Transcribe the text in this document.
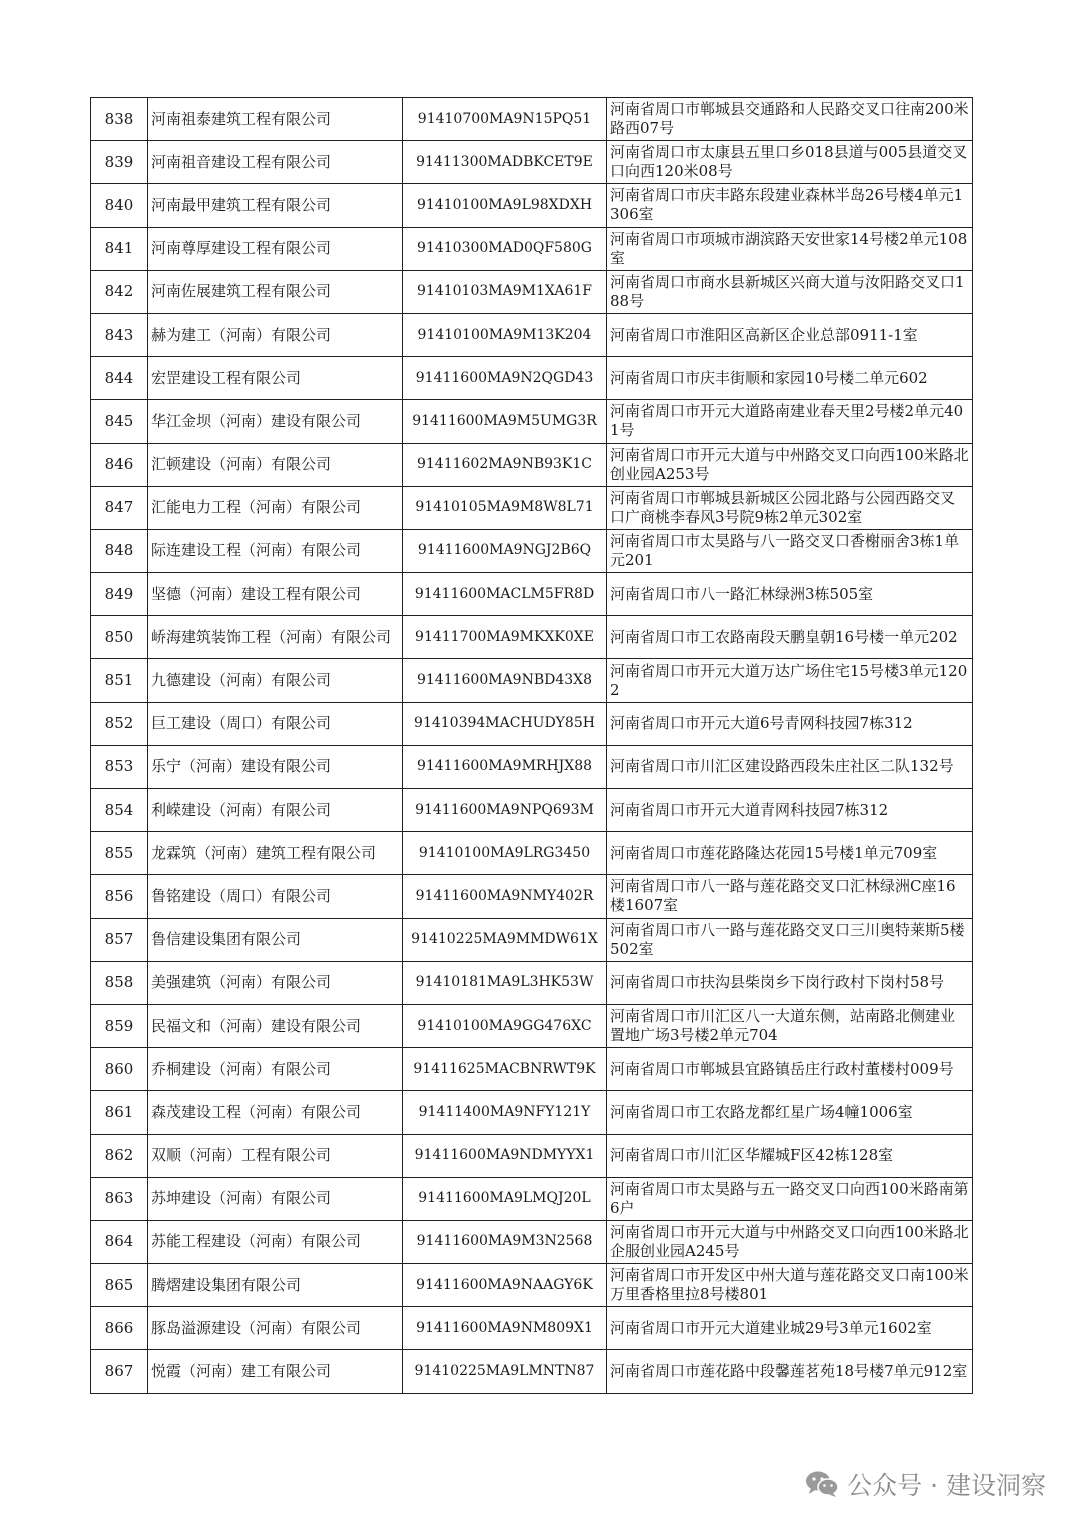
838	河南祖泰建筑工程有限公司	91410700MA9N15PQ51	河南省周口市郸城县交通路和人民路交叉口往南200米路西07号
839	河南祖音建设工程有限公司	91411300MADBKCET9E	河南省周口市太康县五里口乡018县道与005县道交叉口向西120米08号
840	河南最甲建筑工程有限公司	91410100MA9L98XDXH	河南省周口市庆丰路东段建业森林半岛26号楼4单元1306室
841	河南尊厚建设工程有限公司	91410300MAD0QF580G	河南省周口市项城市湖滨路天安世家14号楼2单元108室
842	河南佐展建筑工程有限公司	91410103MA9M1XA61F	河南省周口市商水县新城区兴商大道与汝阳路交叉口188号
843	赫为建工（河南）有限公司	91410100MA9M13K204	河南省周口市淮阳区高新区企业总部0911-1室
844	宏罡建设工程有限公司	91411600MA9N2QGD43	河南省周口市庆丰街顺和家园10号楼二单元602
845	华江金坝（河南）建设有限公司	91411600MA9M5UMG3R	河南省周口市开元大道路南建业春天里2号楼2单元401号
846	汇顿建设（河南）有限公司	91411602MA9NB93K1C	河南省周口市开元大道与中州路交叉口向西100米路北创业园A253号
847	汇能电力工程（河南）有限公司	91410105MA9M8W8L71	河南省周口市郸城县新城区公园北路与公园西路交叉口广商桃李春风3号院9栋2单元302室
848	际连建设工程（河南）有限公司	91411600MA9NGJ2B6Q	河南省周口市太昊路与八一路交叉口香榭丽舍3栋1单元201
849	坚德（河南）建设工程有限公司	91411600MACLM5FR8D	河南省周口市八一路汇林绿洲3栋505室
850	峤海建筑装饰工程（河南）有限公司	91411700MA9MKXK0XE	河南省周口市工农路南段天鹏皇朝16号楼一单元202
851	九德建设（河南）有限公司	91411600MA9NBD43X8	河南省周口市开元大道万达广场住宅15号楼3单元1202
852	巨工建设（周口）有限公司	91410394MACHUDY85H	河南省周口市开元大道6号青网科技园7栋312
853	乐宁（河南）建设有限公司	91411600MA9MRHJX88	河南省周口市川汇区建设路西段朱庄社区二队132号
854	利嵘建设（河南）有限公司	91411600MA9NPQ693M	河南省周口市开元大道青网科技园7栋312
855	龙霖筑（河南）建筑工程有限公司	91410100MA9LRG3450	河南省周口市莲花路隆达花园15号楼1单元709室
856	鲁铭建设（周口）有限公司	91411600MA9NMY402R	河南省周口市八一路与莲花路交叉口汇林绿洲C座16楼1607室
857	鲁信建设集团有限公司	91410225MA9MMDW61X	河南省周口市八一路与莲花路交叉口三川奥特莱斯5楼502室
858	美强建筑（河南）有限公司	91410181MA9L3HK53W	河南省周口市扶沟县柴岗乡下岗行政村下岗村58号
859	民福文和（河南）建设有限公司	91410100MA9GG476XC	河南省周口市川汇区八一大道东侧，站南路北侧建业置地广场3号楼2单元704
860	乔桐建设（河南）有限公司	91411625MACBNRWT9K	河南省周口市郸城县宜路镇岳庄行政村董楼村009号
861	森茂建设工程（河南）有限公司	91411400MA9NFY121Y	河南省周口市工农路龙都红星广场4幢1006室
862	双顺（河南）工程有限公司	91411600MA9NDMYYX1	河南省周口市川汇区华耀城F区42栋128室
863	苏坤建设（河南）有限公司	91411600MA9LMQJ20L	河南省周口市太昊路与五一路交叉口向西100米路南第6户
864	苏能工程建设（河南）有限公司	91411600MA9M3N2568	河南省周口市开元大道与中州路交叉口向西100米路北企服创业园A245号
865	腾熠建设集团有限公司	91411600MA9NAAGY6K	河南省周口市开发区中州大道与莲花路交叉口南100米万里香格里拉8号楼801
866	豚岛溢源建设（河南）有限公司	91411600MA9NM809X1	河南省周口市开元大道建业城29号3单元1602室
867	悦霞（河南）建工有限公司	91410225MA9LMNTN87	河南省周口市莲花路中段馨莲茗苑18号楼7单元912室
公众号 · 建设洞察
